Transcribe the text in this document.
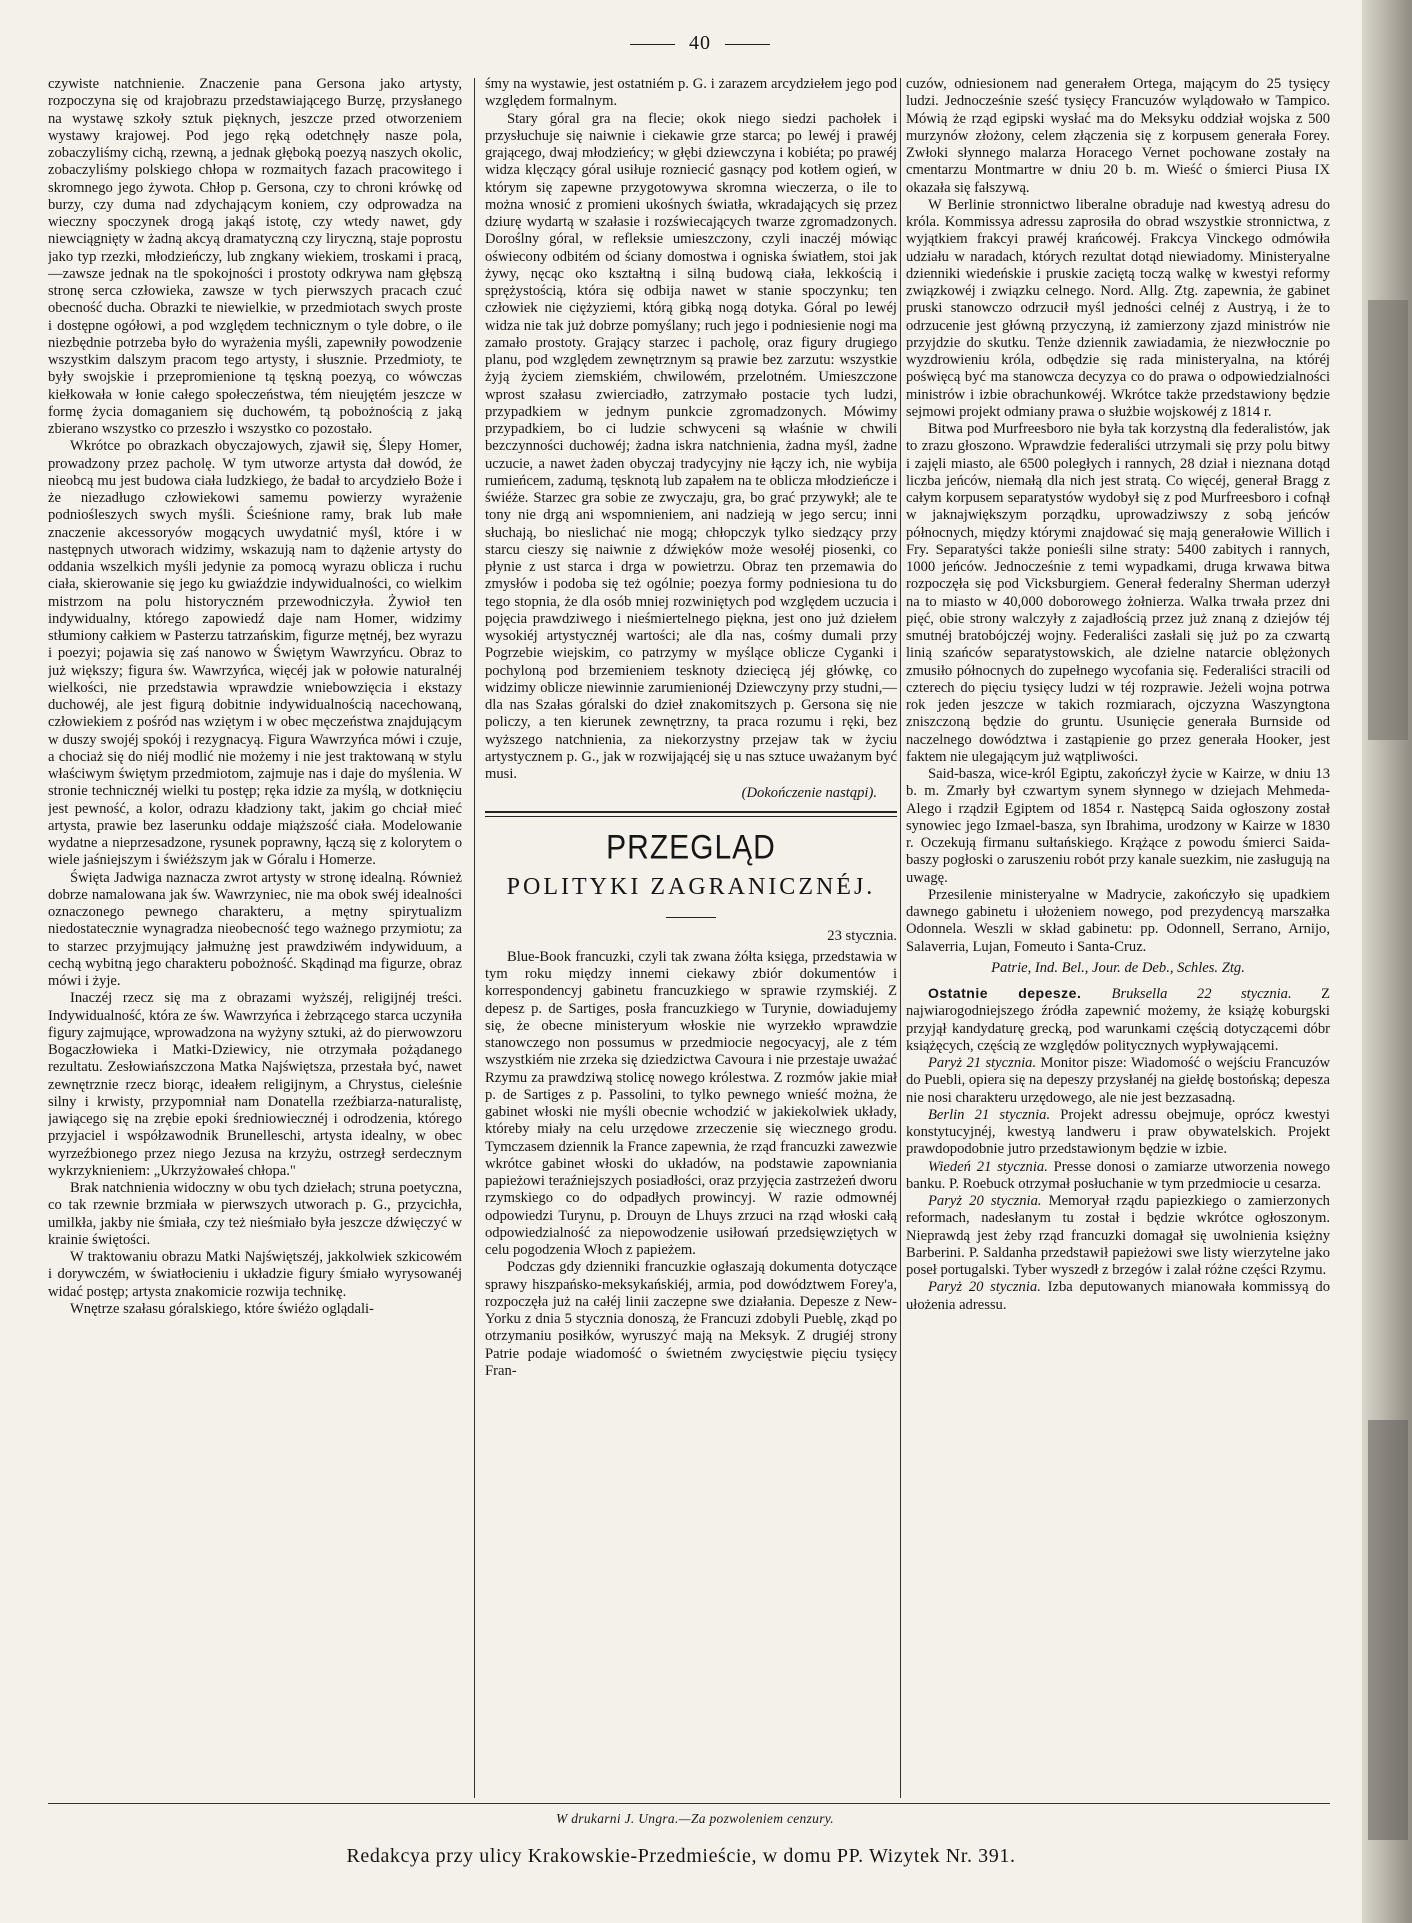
40

czywiste natchnienie. Znaczenie pana Gersona jako artysty, rozpoczyna się od krajobrazu przedstawiającego Burzę, przysłanego na wystawę szkoły sztuk pięknych, jeszcze przed otworzeniem wystawy krajowej. Pod jego ręką odetchnęły nasze pola, zobaczyliśmy cichą, rzewną, a jednak głęboką poezyą naszych okolic, zobaczyliśmy polskiego chłopa w rozmaitych fazach pracowitego i skromnego jego żywota. Chłop p. Gersona, czy to chroni krówkę od burzy, czy duma nad zdychającym koniem, czy odprowadza na wieczny spoczynek drogą jakąś istotę, czy wtedy nawet, gdy niewciągnięty w żadną akcyą dramatyczną czy liryczną, staje poprostu jako typ rzezki, młodzieńczy, lub zngkany wiekiem, troskami i pracą,—zawsze jednak na tle spokojności i prostoty odkrywa nam głębszą stronę serca człowieka, zawsze w tych pierwszych pracach czuć obecność ducha. Obrazki te niewielkie, w przedmiotach swych proste i dostępne ogółowi, a pod względem technicznym o tyle dobre, o ile niezbędnie potrzeba było do wyrażenia myśli, zapewniły powodzenie wszystkim dalszym pracom tego artysty, i słusznie. Przedmioty, te były swojskie i przepromienione tą tęskną poezyą, co wówczas kiełkowała w łonie całego społeczeństwa, tém nieujętém jeszcze w formę życia domaganiem się duchowém, tą pobożnością z jaką zbierano wszystko co przeszło i wszystko co pozostało.

Wkrótce po obrazkach obyczajowych, zjawił się, Ślepy Homer, prowadzony przez pacholę. W tym utworze artysta dał dowód, że nieobcą mu jest budowa ciała ludzkiego, że badał to arcydzieło Boże i że niezadługo człowiekowi samemu powierzy wyrażenie podniośleszych swych myśli. Ścieśnione ramy, brak lub małe znaczenie akcessoryów mogących uwydatnić myśl, które i w następnych utworach widzimy, wskazują nam to dążenie artysty do oddania wszelkich myśli jedynie za pomocą wyrazu oblicza i ruchu ciała, skierowanie się jego ku gwiaździe indywidualności, co wielkim mistrzom na polu historyczném przewodniczyła. Żywioł ten indywidualny, którego zapowiedź daje nam Homer, widzimy stłumiony całkiem w Pasterzu tatrzańskim, figurze mętnéj, bez wyrazu i poezyi; pojawia się zaś nanowo w Świętym Wawrzyńcu. Obraz to już większy; figura św. Wawrzyńca, więcéj jak w połowie naturalnéj wielkości, nie przedstawia wprawdzie wniebowzięcia i ekstazy duchowéj, ale jest figurą dobitnie indywidualnością nacechowaną, człowiekiem z pośród nas wziętym i w obec męczeństwa znajdującym w duszy swojéj spokój i rezygnacyą. Figura Wawrzyńca mówi i czuje, a chociaż się do niéj modlić nie możemy i nie jest traktowaną w stylu właściwym świętym przedmiotom, zajmuje nas i daje do myślenia. W stronie technicznéj wielki tu postęp; ręka idzie za myślą, w dotknięciu jest pewność, a kolor, odrazu kładziony takt, jakim go chciał mieć artysta, prawie bez laserunku oddaje miąższość ciała. Modelowanie wydatne a nieprzesadzone, rysunek poprawny, łączą się z kolorytem o wiele jaśniejszym i świéższym jak w Góralu i Homerze.

Święta Jadwiga naznacza zwrot artysty w stronę idealną. Również dobrze namalowana jak św. Wawrzyniec, nie ma obok swéj idealności oznaczonego pewnego charakteru, a mętny spirytualizm niedostatecznie wynagradza nieobecność tego ważnego przymiotu; za to starzec przyjmujący jałmużnę jest prawdziwém indywiduum, a cechą wybitną jego charakteru pobożność. Skądinąd ma figurze, obraz mówi i żyje.

Inaczéj rzecz się ma z obrazami wyższéj, religijnéj treści. Indywidualność, która ze św. Wawrzyńca i żebrzącego starca uczyniła figury zajmujące, wprowadzona na wyżyny sztuki, aż do pierwowzoru Bogaczłowieka i Matki-Dziewicy, nie otrzymała pożądanego rezultatu. Zesłowiańszczona Matka Najświętsza, przestała być, nawet zewnętrznie rzecz biorąc, ideałem religijnym, a Chrystus, cieleśnie silny i krwisty, przypomniał nam Donatella rzeźbiarza-naturalistę, jawiącego się na zrębie epoki średniowiecznéj i odrodzenia, którego przyjaciel i współzawodnik Brunelleschi, artysta idealny, w obec wyrzeźbionego przez niego Jezusa na krzyżu, ostrzegł serdecznym wykrzyknieniem: „Ukrzyżowałeś chłopa."

Brak natchnienia widoczny w obu tych dziełach; struna poetyczna, co tak rzewnie brzmiała w pierwszych utworach p. G., przycichła, umilkła, jakby nie śmiała, czy też nieśmiało była jeszcze dźwięczyć w krainie świętości.

W traktowaniu obrazu Matki Najświętszéj, jakkolwiek szkicowém i dorywczém, w światłocieniu i układzie figury śmiało wyrysowanéj widać postęp; artysta znakomicie rozwija technikę.

Wnętrze szałasu góralskiego, które świéżo oglądali-

śmy na wystawie, jest ostatniém p. G. i zarazem arcydziełem jego pod względem formalnym.

Stary góral gra na flecie; okok niego siedzi pachołek i przysłuchuje się naiwnie i ciekawie grze starca; po lewéj i prawéj grającego, dwaj młodzieńcy; w głębi dziewczyna i kobiéta; po prawéj widza klęczący góral usiłuje rozniecić gasnący pod kotłem ogień, w którym się zapewne przygotowywa skromna wieczerza, o ile to można wnosić z promieni ukośnych światła, wkradających się przez dziurę wydartą w szałasie i rozświecających twarze zgromadzonych. Doroślny góral, w refleksie umieszczony, czyli inaczéj mówiąc oświecony odbitém od ściany domostwa i ogniska światłem, stoi jak żywy, nęcąc oko kształtną i silną budową ciała, lekkością i sprężystością, która się odbija nawet w stanie spoczynku; ten człowiek nie ciężyziemi, którą gibką nogą dotyka. Góral po lewéj widza nie tak już dobrze pomyślany; ruch jego i podniesienie nogi ma zamało prostoty. Grający starzec i pacholę, oraz figury drugiego planu, pod względem zewnętrznym są prawie bez zarzutu: wszystkie żyją życiem ziemskiém, chwilowém, przelotném. Umieszczone wprost szałasu zwierciadło, zatrzymało postacie tych ludzi, przypadkiem w jednym punkcie zgromadzonych. Mówimy przypadkiem, bo ci ludzie schwyceni są właśnie w chwili bezczynności duchowéj; żadna iskra natchnienia, żadna myśl, żadne uczucie, a nawet żaden obyczaj tradycyjny nie łączy ich, nie wybija rumieńcem, zadumą, tęsknotą lub zapałem na te oblicza młodzieńcze i świéże. Starzec gra sobie ze zwyczaju, gra, bo grać przywykł; ale te tony nie drgą ani wspomnieniem, ani nadzieją w jego sercu; inni słuchają, bo nieslichać nie mogą; chłopczyk tylko siedzący przy starcu cieszy się naiwnie z dźwięków może wesołéj piosenki, co płynie z ust starca i drga w powietrzu. Obraz ten przemawia do zmysłów i podoba się też ogólnie; poezya formy podniesiona tu do tego stopnia, że dla osób mniej rozwiniętych pod względem uczucia i pojęcia prawdziwego i nieśmiertelnego piękna, jest ono już dziełem wysokiéj artystycznéj wartości; ale dla nas, cośmy dumali przy Pogrzebie wiejskim, co patrzymy w myślące oblicze Cyganki i pochyloną pod brzemieniem tesknoty dziecięcą jéj główkę, co widzimy oblicze niewinnie zarumienionéj Dziewczyny przy studni,—dla nas Szałas góralski do dzieł znakomitszych p. Gersona się nie policzy, a ten kierunek zewnętrzny, ta praca rozumu i ręki, bez wyższego natchnienia, za niekorzystny przejaw tak w życiu artystycznem p. G., jak w rozwijającéj się u nas sztuce uważanym być musi.

(Dokończenie nastąpi).
PRZEGLĄD
POLITYKI ZAGRANICZNÉJ.
23 stycznia.

Blue-Book francuzki, czyli tak zwana żółta księga, przedstawia w tym roku między innemi ciekawy zbiór dokumentów i korrespondencyj gabinetu francuzkiego w sprawie rzymskiéj. Z depesz p. de Sartiges, posła francuzkiego w Turynie, dowiadujemy się, że obecne ministeryum włoskie nie wyrzekło wprawdzie stanowczego non possumus w przedmiocie negocyacyj, ale z tém wszystkiém nie zrzeka się dziedzictwa Cavoura i nie przestaje uważać Rzymu za prawdziwą stolicę nowego królestwa. Z rozmów jakie miał p. de Sartiges z p. Passolini, to tylko pewnego wnieść można, że gabinet włoski nie myśli obecnie wchodzić w jakiekolwiek układy, któreby miały na celu urzędowe zrzeczenie się wiecznego grodu. Tymczasem dziennik la France zapewnia, że rząd francuzki zawezwie wkrótce gabinet włoski do układów, na podstawie zapowniania papieżowi teraźniejszych posiadłości, oraz przyjęcia zastrzeżeń dworu rzymskiego co do odpadłych prowincyj. W razie odmownéj odpowiedzi Turynu, p. Drouyn de Lhuys zrzuci na rząd włoski całą odpowiedzialność za niepowodzenie usiłowań przedsięwziętych w celu pogodzenia Włoch z papieżem.

Podczas gdy dzienniki francuzkie ogłaszają dokumenta dotyczące sprawy hiszpańsko-meksykańskiéj, armia, pod dowództwem Forey'a, rozpoczęła już na całéj linii zaczepne swe działania. Depesze z New-Yorku z dnia 5 stycznia donoszą, że Francuzi zdobyli Pueblę, zkąd po otrzymaniu posiłków, wyruszyć mają na Meksyk. Z drugiéj strony Patrie podaje wiadomość o świetném zwycięstwie pięciu tysięcy Fran-

cuzów, odniesionem nad generałem Ortega, mającym do 25 tysięcy ludzi. Jednocześnie sześć tysięcy Francuzów wylądowało w Tampico. Mówią że rząd egipski wysłać ma do Meksyku oddział wojska z 500 murzynów złożony, celem złączenia się z korpusem generała Forey. Zwłoki słynnego malarza Horacego Vernet pochowane zostały na cmentarzu Montmartre w dniu 20 b. m. Wieść o śmierci Piusa IX okazała się fałszywą.

W Berlinie stronnictwo liberalne obraduje nad kwestyą adresu do króla. Kommissya adressu zaprosiła do obrad wszystkie stronnictwa, z wyjątkiem frakcyi prawéj krańcowéj. Frakcya Vinckego odmówiła udziału w naradach, których rezultat dotąd niewiadomy. Ministeryalne dzienniki wiedeńskie i pruskie zaciętą toczą walkę w kwestyi reformy związkowéj i związku celnego. Nord. Allg. Ztg. zapewnia, że gabinet pruski stanowczo odrzucił myśl jedności celnéj z Austryą, i że to odrzucenie jest główną przyczyną, iż zamierzony zjazd ministrów nie przyjdzie do skutku. Tenże dziennik zawiadamia, że niezwłocznie po wyzdrowieniu króla, odbędzie się rada ministeryalna, na któréj poświęcą być ma stanowcza decyzya co do prawa o odpowiedzialności ministrów i izbie obrachunkowéj. Wkrótce także przedstawiony będzie sejmowi projekt odmiany prawa o służbie wojskowéj z 1814 r.

Bitwa pod Murfreesboro nie była tak korzystną dla federalistów, jak to zrazu głoszono. Wprawdzie federaliści utrzymali się przy polu bitwy i zajęli miasto, ale 6500 poległych i rannych, 28 dział i nieznana dotąd liczba jeńców, niemałą dla nich jest stratą. Co więcéj, generał Bragg z całym korpusem separatystów wydobył się z pod Murfreesboro i cofnął w jaknajwiększym porządku, uprowadziwszy z sobą jeńców północnych, między którymi znajdować się mają generałowie Willich i Fry. Separatyści także ponieśli silne straty: 5400 zabitych i rannych, 1000 jeńców. Jednocześnie z temi wypadkami, druga krwawa bitwa rozpoczęła się pod Vicksburgiem. Generał federalny Sherman uderzył na to miasto w 40,000 doborowego żołnierza. Walka trwała przez dni pięć, obie strony walczyły z zajadłością przez już znaną z dziejów téj smutnéj bratobójczéj wojny. Federaliści zasłali się już po za czwartą linią szańców separatystowskich, ale dzielne natarcie oblężonych zmusiło północnych do zupełnego wycofania się. Federaliści stracili od czterech do pięciu tysięcy ludzi w téj rozprawie. Jeżeli wojna potrwa rok jeden jeszcze w takich rozmiarach, ojczyzna Waszyngtona zniszczoną będzie do gruntu. Usunięcie generała Burnside od naczelnego dowództwa i zastąpienie go przez generała Hooker, jest faktem nie ulegającym już wątpliwości.

Said-basza, wice-król Egiptu, zakończył życie w Kairze, w dniu 13 b. m. Zmarły był czwartym synem słynnego w dziejach Mehmeda-Alego i rządził Egiptem od 1854 r. Następcą Saida ogłoszony został synowiec jego Izmael-basza, syn Ibrahima, urodzony w Kairze w 1830 r. Oczekują firmanu sułtańskiego. Krążące z powodu śmierci Saida-baszy pogłoski o zaruszeniu robót przy kanale suezkim, nie zasługują na uwagę.

Przesilenie ministeryalne w Madrycie, zakończyło się upadkiem dawnego gabinetu i ułożeniem nowego, pod prezydencyą marszałka Odonnela. Weszli w skład gabinetu: pp. Odonnell, Serrano, Arnijo, Salaverria, Lujan, Fomeuto i Santa-Cruz.

Patrie, Ind. Bel., Jour. de Deb., Schles. Ztg.

Ostatnie depesze. Bruksella 22 stycznia. Z najwiarogodniejszego źródła zapewnić możemy, że książę koburgski przyjął kandydaturę grecką, pod warunkami częścią dotyczącemi dóbr książęcych, częścią ze względów politycznych wypływającemi.

Paryż 21 stycznia. Monitor pisze: Wiadomość o wejściu Francuzów do Puebli, opiera się na depeszy przysłanéj na giełdę bostońską; depesza nie nosi charakteru urzędowego, ale nie jest bezzasadną.

Berlin 21 stycznia. Projekt adressu obejmuje, oprócz kwestyi konstytucyjnéj, kwestyą landweru i praw obywatelskich. Projekt prawdopodobnie jutro przedstawionym będzie w izbie.

Wiedeń 21 stycznia. Presse donosi o zamiarze utworzenia nowego banku. P. Roebuck otrzymał posłuchanie w tym przedmiocie u cesarza.

Paryż 20 stycznia. Memoryał rządu papiezkiego o zamierzonych reformach, nadesłanym tu został i będzie wkrótce ogłoszonym. Nieprawdą jest żeby rząd francuzki domagał się uwolnienia księżny Barberini. P. Saldanha przedstawił papieżowi swe listy wierzytelne jako poseł portugalski. Tyber wyszedł z brzegów i zalał różne części Rzymu.

Paryż 20 stycznia. Izba deputowanych mianowała kommissyą do ułożenia adressu.

W drukarni J. Ungra.—Za pozwoleniem cenzury.
Redakcya przy ulicy Krakowskie-Przedmieście, w domu PP. Wizytek Nr. 391.
